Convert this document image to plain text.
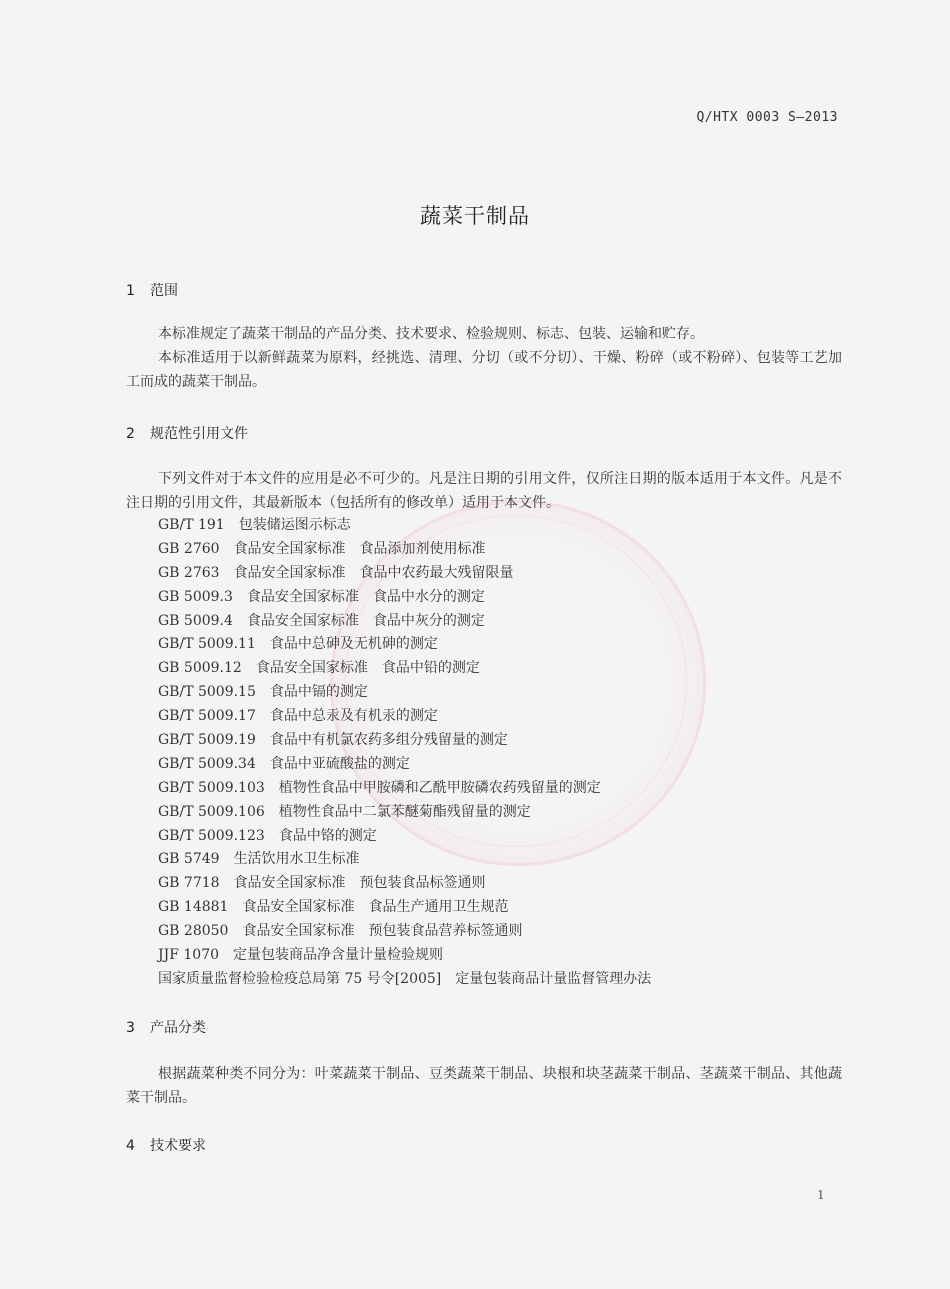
Q/HTX 0003 S—2013
蔬菜干制品
1 范围

本标准规定了蔬菜干制品的产品分类、技术要求、检验规则、标志、包装、运输和贮存。

本标准适用于以新鲜蔬菜为原料，经挑选、清理、分切（或不分切）、干燥、粉碎（或不粉碎）、包装等工艺加工而成的蔬菜干制品。

2 规范性引用文件

下列文件对于本文件的应用是必不可少的。凡是注日期的引用文件，仅所注日期的版本适用于本文件。凡是不注日期的引用文件，其最新版本（包括所有的修改单）适用于本文件。

GB/T 191 包装储运图示标志
GB 2760 食品安全国家标准　食品添加剂使用标准
GB 2763 食品安全国家标准　食品中农药最大残留限量
GB 5009.3 食品安全国家标准　食品中水分的测定
GB 5009.4 食品安全国家标准　食品中灰分的测定
GB/T 5009.11 食品中总砷及无机砷的测定
GB 5009.12 食品安全国家标准　食品中铅的测定
GB/T 5009.15 食品中镉的测定
GB/T 5009.17 食品中总汞及有机汞的测定
GB/T 5009.19 食品中有机氯农药多组分残留量的测定
GB/T 5009.34 食品中亚硫酸盐的测定
GB/T 5009.103 植物性食品中甲胺磷和乙酰甲胺磷农药残留量的测定
GB/T 5009.106 植物性食品中二氯苯醚菊酯残留量的测定
GB/T 5009.123 食品中铬的测定
GB 5749 生活饮用水卫生标准
GB 7718 食品安全国家标准　预包装食品标签通则
GB 14881 食品安全国家标准　食品生产通用卫生规范
GB 28050 食品安全国家标准　预包装食品营养标签通则
JJF 1070 定量包装商品净含量计量检验规则
国家质量监督检验检疫总局第 75 号令[2005] 定量包装商品计量监督管理办法
3 产品分类

根据蔬菜种类不同分为：叶菜蔬菜干制品、豆类蔬菜干制品、块根和块茎蔬菜干制品、茎蔬菜干制品、其他蔬菜干制品。

4 技术要求
1
